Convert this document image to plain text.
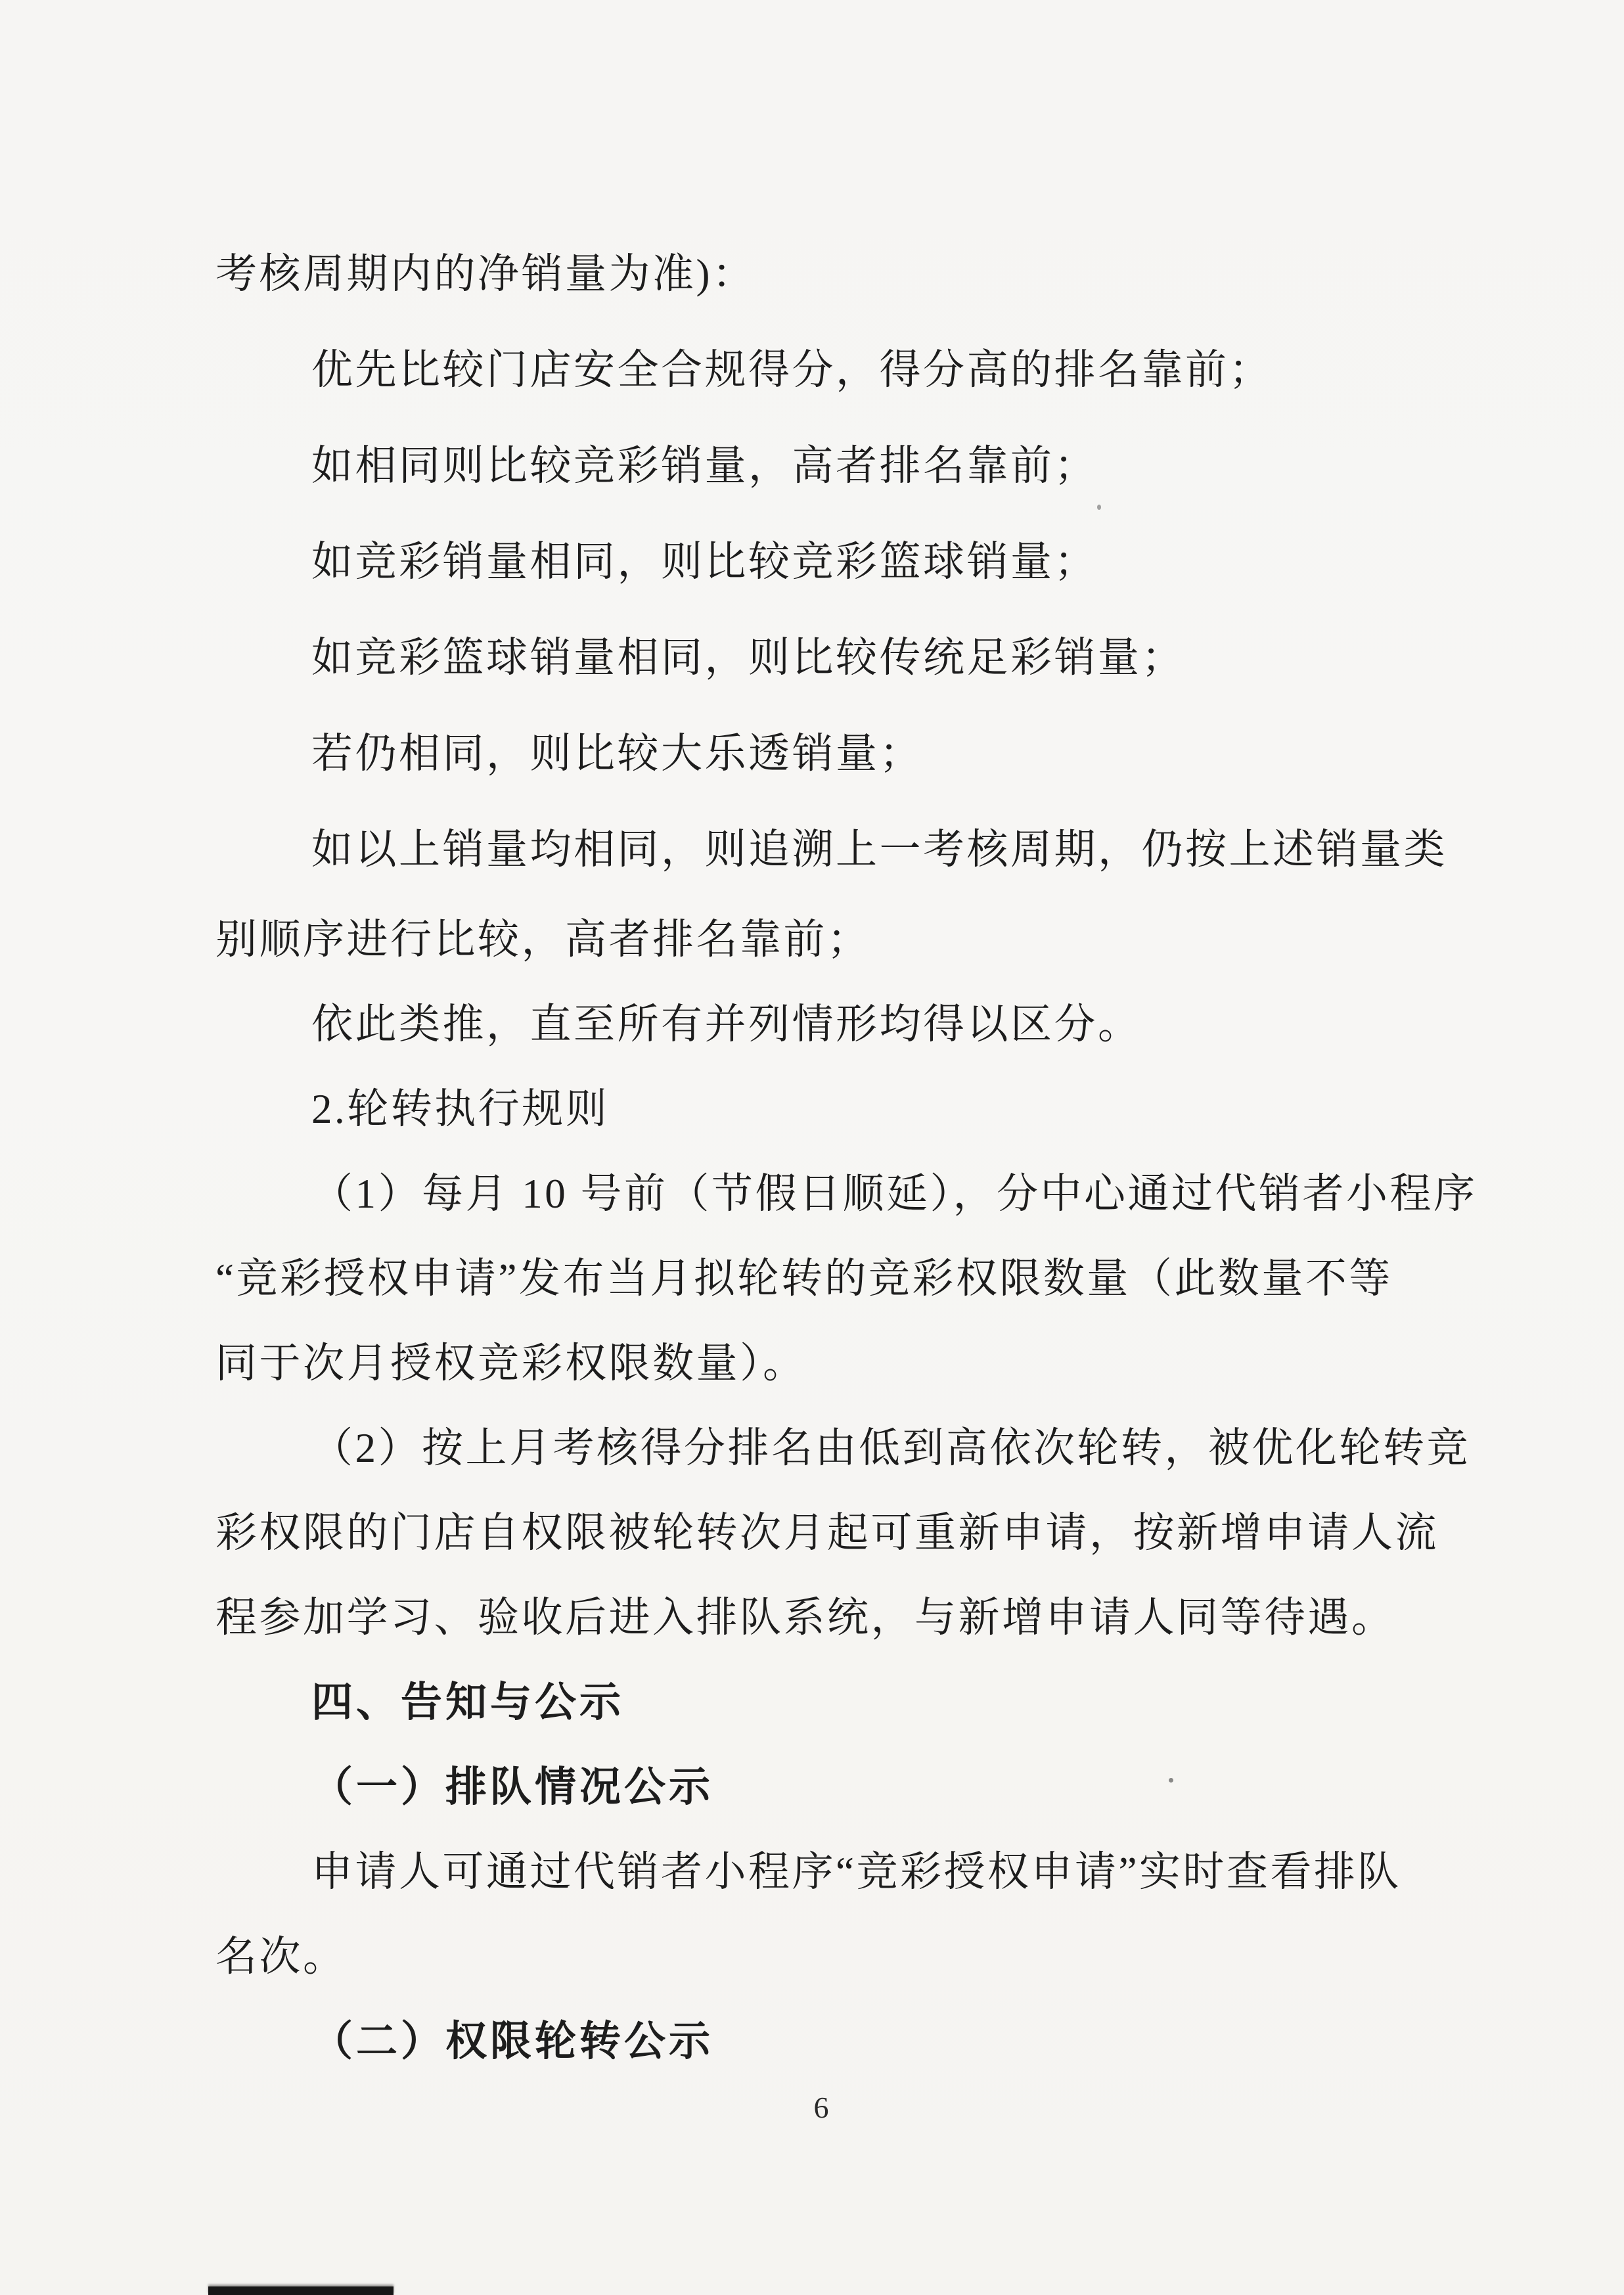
考核周期内的净销量为准)：
优先比较门店安全合规得分，得分高的排名靠前；
如相同则比较竞彩销量，高者排名靠前；
如竞彩销量相同，则比较竞彩篮球销量；
如竞彩篮球销量相同，则比较传统足彩销量；
若仍相同，则比较大乐透销量；
如以上销量均相同，则追溯上一考核周期，仍按上述销量类
别顺序进行比较，高者排名靠前；
依此类推，直至所有并列情形均得以区分。
2.轮转执行规则
（1）每月 10 号前（节假日顺延），分中心通过代销者小程序
“竞彩授权申请”发布当月拟轮转的竞彩权限数量（此数量不等
同于次月授权竞彩权限数量）。
（2）按上月考核得分排名由低到高依次轮转，被优化轮转竞
彩权限的门店自权限被轮转次月起可重新申请，按新增申请人流
程参加学习、验收后进入排队系统，与新增申请人同等待遇。
四、告知与公示
（一）排队情况公示
申请人可通过代销者小程序“竞彩授权申请”实时查看排队
名次。
（二）权限轮转公示
6
